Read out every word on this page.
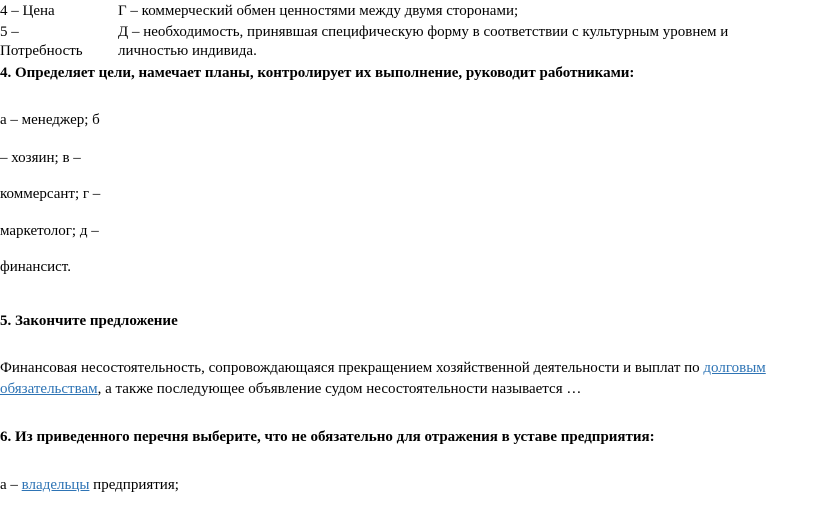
4 – Цена	Г – коммерческий обмен ценностями между двумя сторонами;
5 –
Потребность
Д – необходимость, принявшая специфическую форму в соответствии с культурным уровнем и
личностью индивида.
4. Определяет цели, намечает планы, контролирует их выполнение, руководит работниками:
а – менеджер; б
– хозяин; в –
коммерсант; г –
маркетолог; д –
финансист.
5. Закончите предложение
Финансовая несостоятельность, сопровождающаяся прекращением хозяйственной деятельности и выплат по долговым
обязательствам, а также последующее объявление судом несостоятельности называется …
6. Из приведенного перечня выберите, что не обязательно для отражения в уставе предприятия:
а – владельцы предприятия;
